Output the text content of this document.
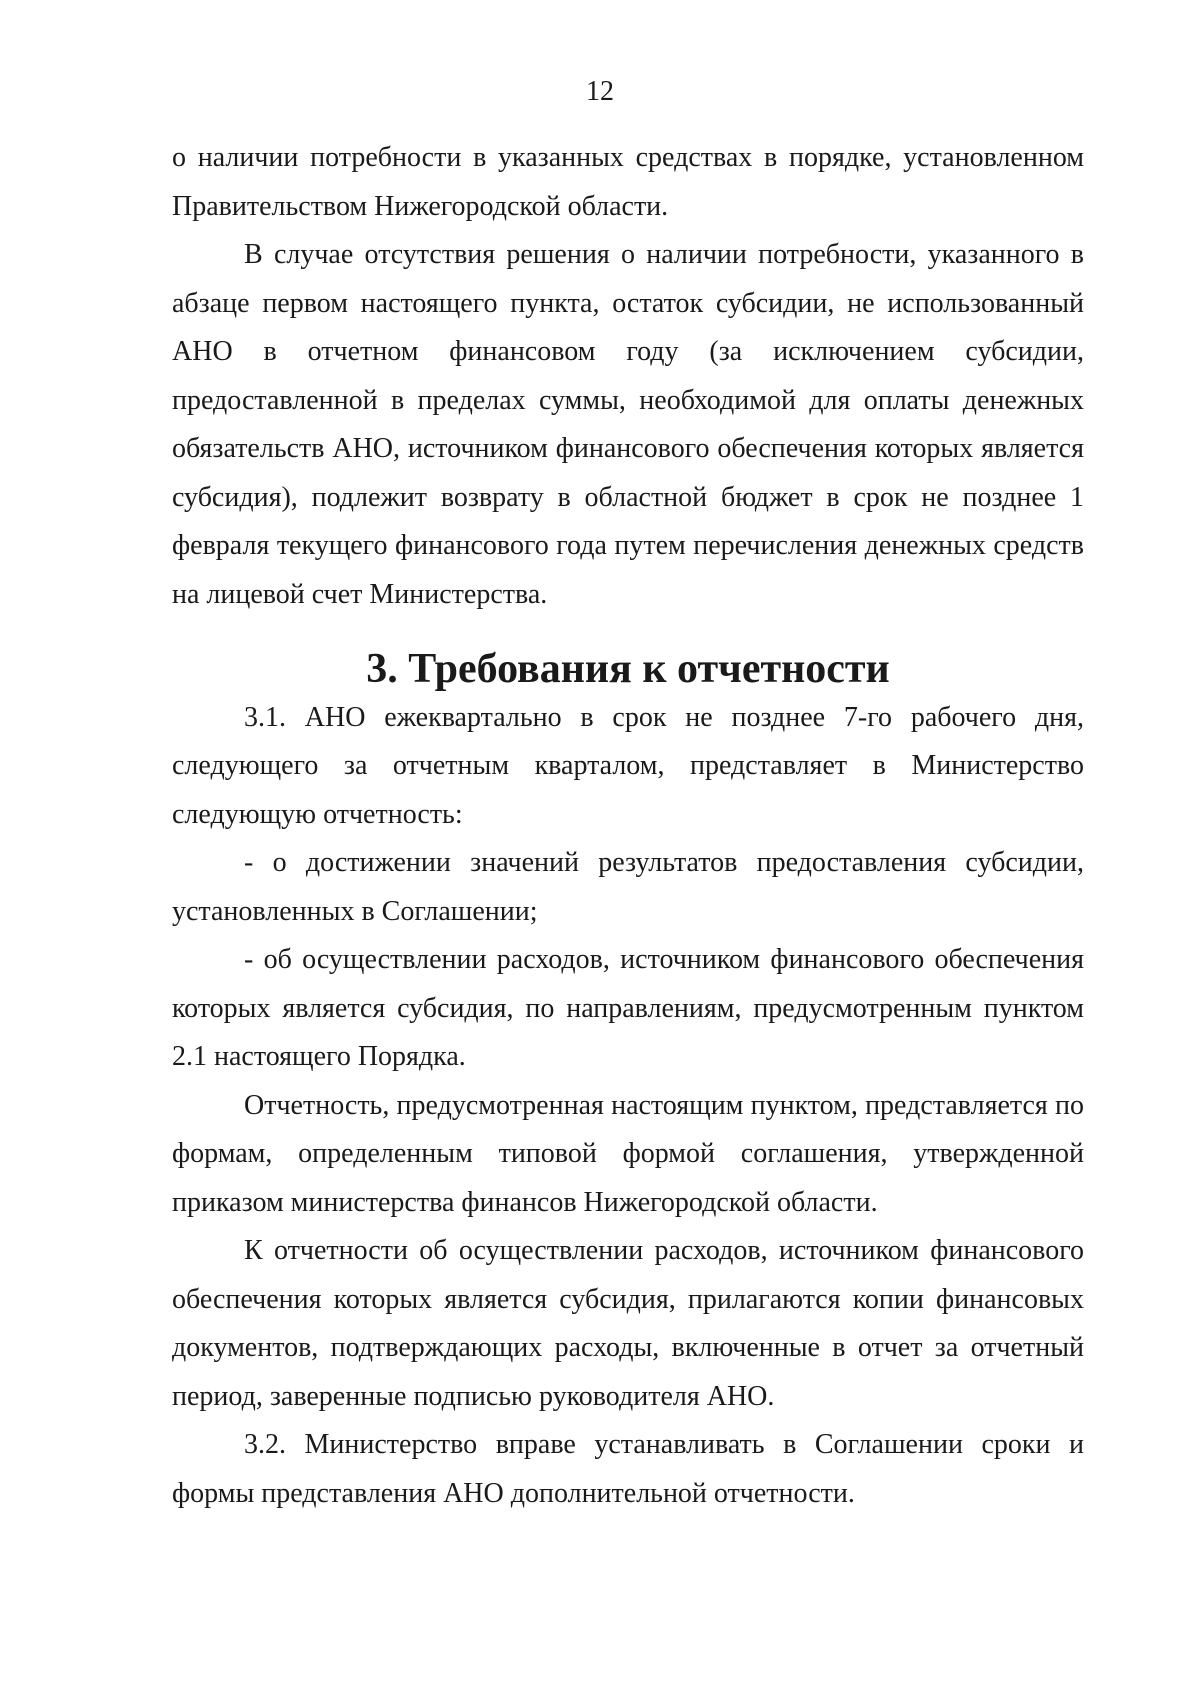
12

о наличии потребности в указанных средствах в порядке, установленном Правительством Нижегородской области.

В случае отсутствия решения о наличии потребности, указанного в абзаце первом настоящего пункта, остаток субсидии, не использованный АНО в отчетном финансовом году (за исключением субсидии, предоставленной в пределах суммы, необходимой для оплаты денежных обязательств АНО, источником финансового обеспечения которых является субсидия), подлежит возврату в областной бюджет в срок не позднее 1 февраля текущего финансового года путем перечисления денежных средств на лицевой счет Министерства.

3. Требования к отчетности

3.1. АНО ежеквартально в срок не позднее 7-го рабочего дня, следующего за отчетным кварталом, представляет в Министерство следующую отчетность:

- о достижении значений результатов предоставления субсидии, установленных в Соглашении;

- об осуществлении расходов, источником финансового обеспечения которых является субсидия, по направлениям, предусмотренным пунктом 2.1 настоящего Порядка.

Отчетность, предусмотренная настоящим пунктом, представляется по формам, определенным типовой формой соглашения, утвержденной приказом министерства финансов Нижегородской области.

К отчетности об осуществлении расходов, источником финансового обеспечения которых является субсидия, прилагаются копии финансовых документов, подтверждающих расходы, включенные в отчет за отчетный период, заверенные подписью руководителя АНО.

3.2. Министерство вправе устанавливать в Соглашении сроки и формы представления АНО дополнительной отчетности.
